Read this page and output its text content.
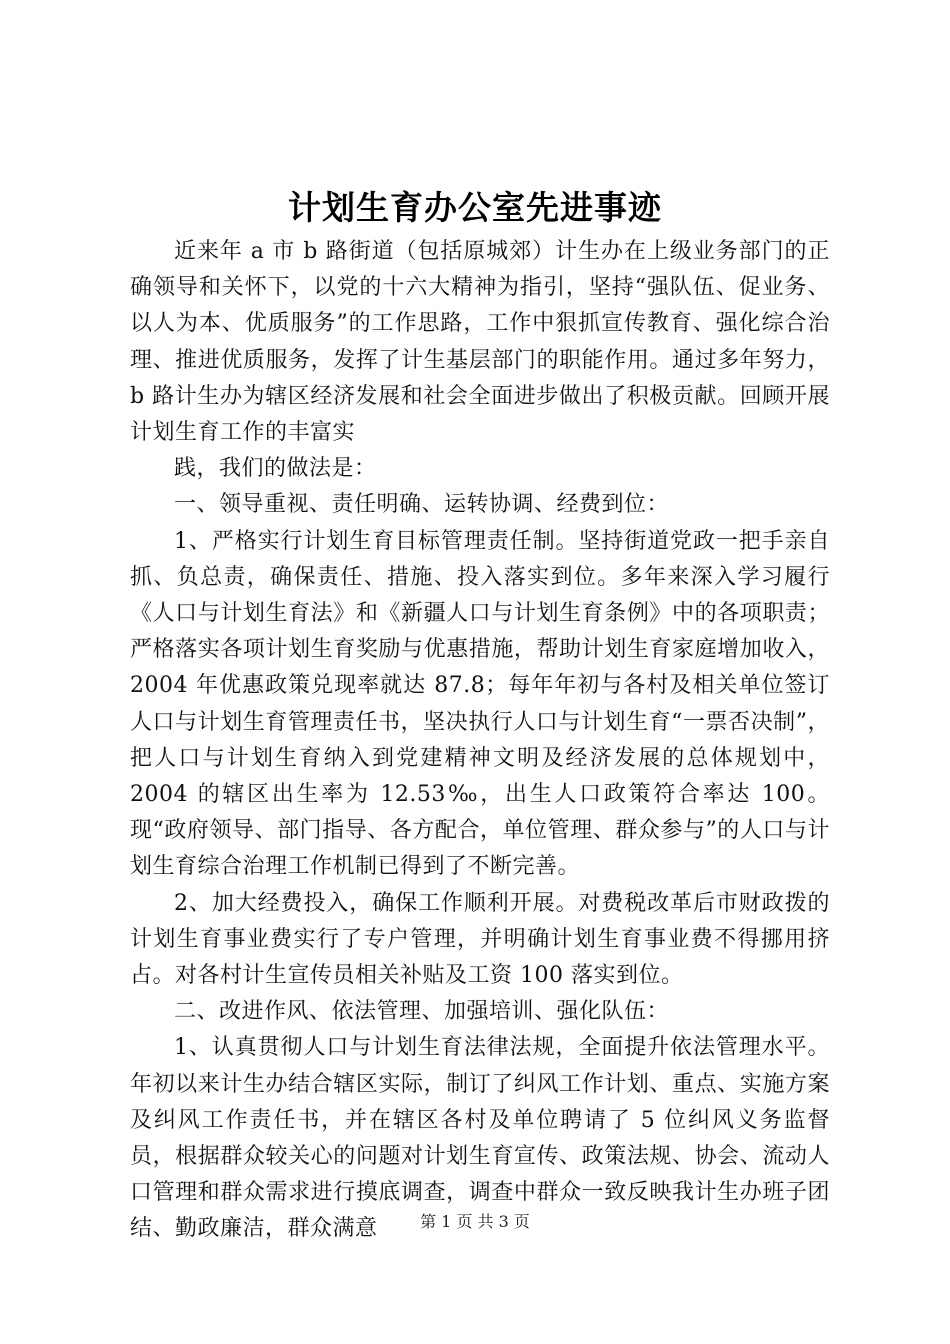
计划生育办公室先进事迹

近来年 a 市 b 路街道（包括原城郊）计生办在上级业务部门的正确领导和关怀下，以党的十六大精神为指引，坚持“强队伍、促业务、以人为本、优质服务”的工作思路，工作中狠抓宣传教育、强化综合治理、推进优质服务，发挥了计生基层部门的职能作用。通过多年努力，b 路计生办为辖区经济发展和社会全面进步做出了积极贡献。回顾开展计划生育工作的丰富实

践，我们的做法是：

一、领导重视、责任明确、运转协调、经费到位：

1、严格实行计划生育目标管理责任制。坚持街道党政一把手亲自抓、负总责，确保责任、措施、投入落实到位。多年来深入学习履行《人口与计划生育法》和《新疆人口与计划生育条例》中的各项职责；严格落实各项计划生育奖励与优惠措施，帮助计划生育家庭增加收入，2004 年优惠政策兑现率就达 87.8；每年年初与各村及相关单位签订人口与计划生育管理责任书，坚决执行人口与计划生育“一票否决制”，把人口与计划生育纳入到党建精神文明及经济发展的总体规划中，2004 的辖区出生率为 12.53‰，出生人口政策符合率达 100。现“政府领导、部门指导、各方配合，单位管理、群众参与”的人口与计划生育综合治理工作机制已得到了不断完善。

2、加大经费投入，确保工作顺利开展。对费税改革后市财政拨的计划生育事业费实行了专户管理，并明确计划生育事业费不得挪用挤占。对各村计生宣传员相关补贴及工资 100 落实到位。

二、改进作风、依法管理、加强培训、强化队伍：

1、认真贯彻人口与计划生育法律法规，全面提升依法管理水平。年初以来计生办结合辖区实际，制订了纠风工作计划、重点、实施方案及纠风工作责任书，并在辖区各村及单位聘请了 5 位纠风义务监督员，根据群众较关心的问题对计划生育宣传、政策法规、协会、流动人口管理和群众需求进行摸底调查，调查中群众一致反映我计生办班子团结、勤政廉洁，群众满意	第 1 页 共 3 页
